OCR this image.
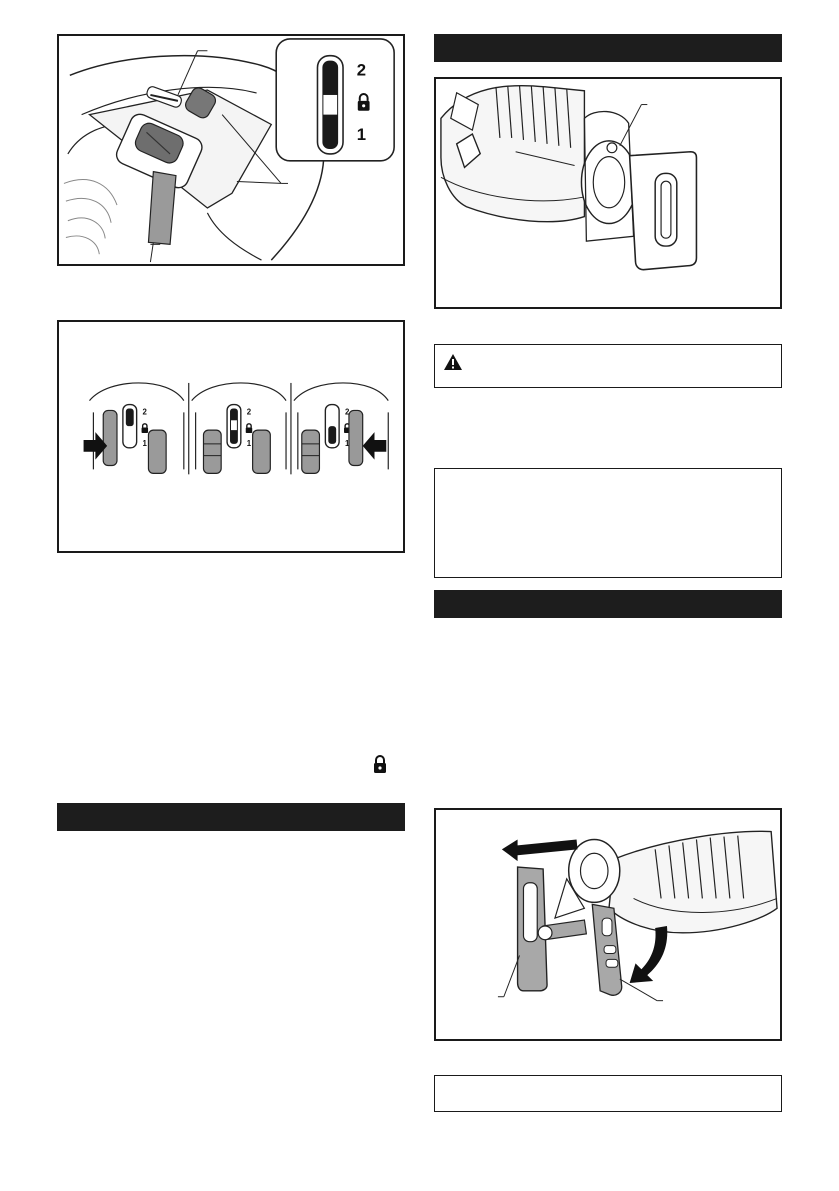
2
1
2
1
2
1
2
1
